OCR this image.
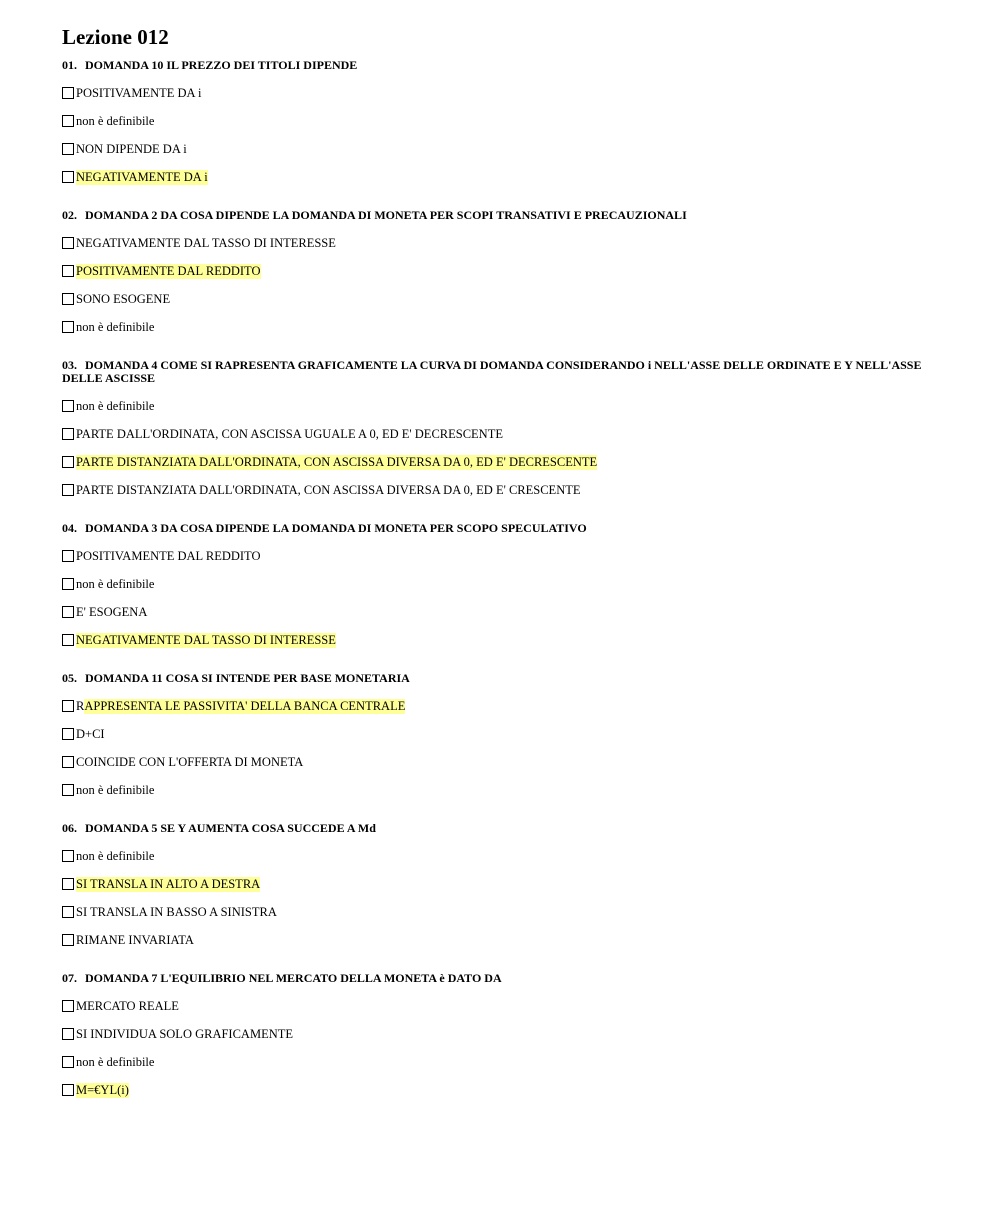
Lezione 012
01. DOMANDA 10 IL PREZZO DEI TITOLI DIPENDE
POSITIVAMENTE DA i
non è definibile
NON DIPENDE DA i
NEGATIVAMENTE DA i
02. DOMANDA 2 DA COSA DIPENDE LA DOMANDA DI MONETA PER SCOPI TRANSATIVI E PRECAUZIONALI
NEGATIVAMENTE DAL TASSO DI INTERESSE
POSITIVAMENTE DAL REDDITO
SONO ESOGENE
non è definibile
03. DOMANDA 4 COME SI RAPRESENTA GRAFICAMENTE LA CURVA DI DOMANDA CONSIDERANDO i NELL'ASSE DELLE ORDINATE E Y NELL'ASSE DELLE ASCISSE
non è definibile
PARTE DALL'ORDINATA, CON ASCISSA UGUALE A 0, ED E' DECRESCENTE
PARTE DISTANZIATA DALL'ORDINATA, CON ASCISSA DIVERSA DA 0, ED E' DECRESCENTE
PARTE DISTANZIATA DALL'ORDINATA, CON ASCISSA DIVERSA DA 0, ED E' CRESCENTE
04. DOMANDA 3 DA COSA DIPENDE LA DOMANDA DI MONETA PER SCOPO SPECULATIVO
POSITIVAMENTE DAL REDDITO
non è definibile
E' ESOGENA
NEGATIVAMENTE DAL TASSO DI INTERESSE
05. DOMANDA 11 COSA SI INTENDE PER BASE MONETARIA
R APPRESENTA LE PASSIVITA' DELLA BANCA CENTRALE
D+CI
COINCIDE CON L'OFFERTA DI MONETA
non è definibile
06. DOMANDA 5 SE Y AUMENTA COSA SUCCEDE A Md
non è definibile
SI TRANSLA IN ALTO A DESTRA
SI TRANSLA IN BASSO A SINISTRA
RIMANE INVARIATA
07. DOMANDA 7 L'EQUILIBRIO NEL MERCATO DELLA MONETA è DATO DA
MERCATO REALE
SI INDIVIDUA SOLO GRAFICAMENTE
non è definibile
M=€YL(i)
